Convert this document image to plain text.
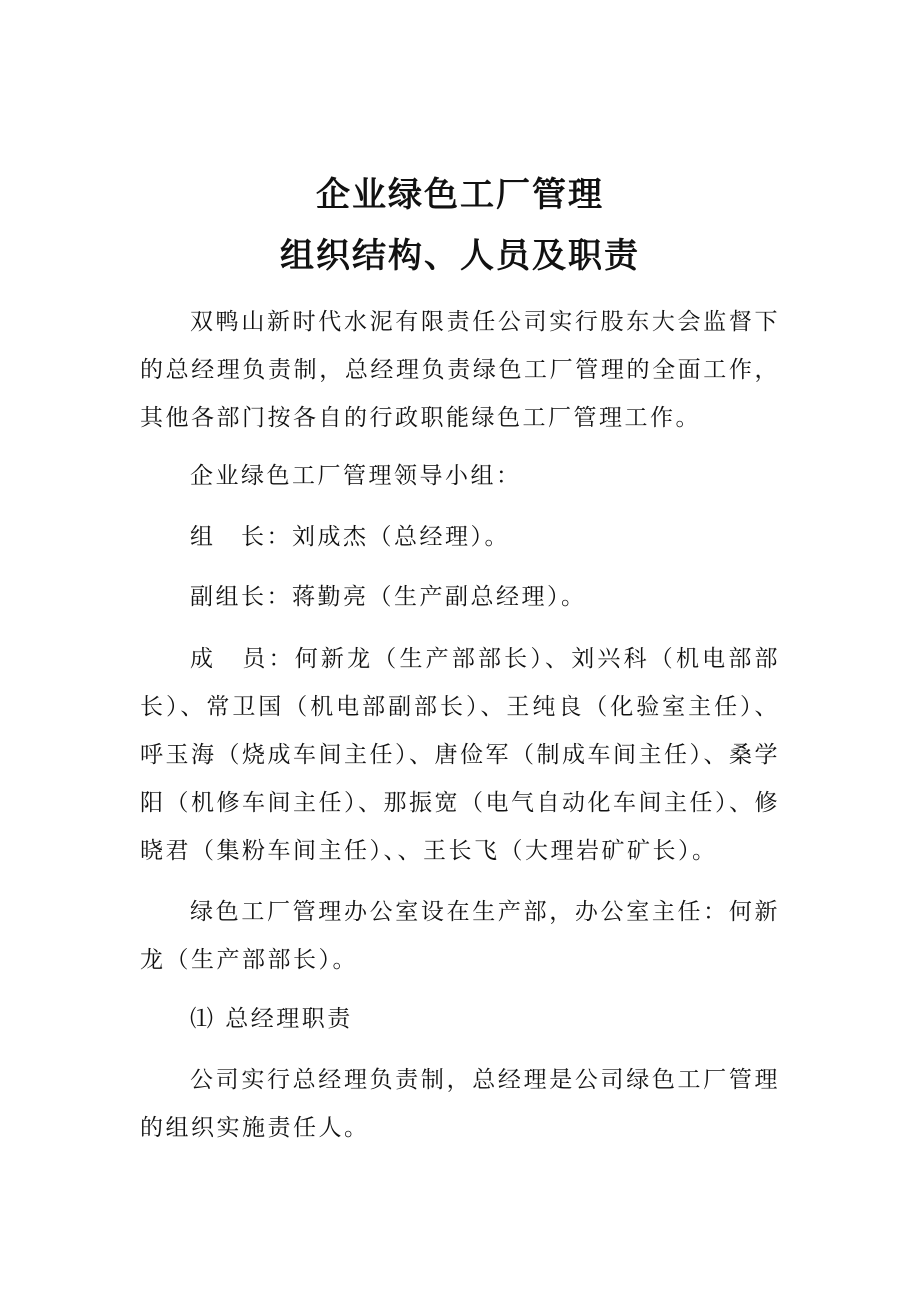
企业绿色工厂管理
组织结构、人员及职责

双鸭山新时代水泥有限责任公司实行股东大会监督下的总经理负责制，总经理负责绿色工厂管理的全面工作，其他各部门按各自的行政职能绿色工厂管理工作。

企业绿色工厂管理领导小组：

组　长：刘成杰（总经理）。

副组长：蒋勤亮（生产副总经理）。

成　员：何新龙（生产部部长）、刘兴科（机电部部长）、常卫国（机电部副部长）、王纯良（化验室主任）、呼玉海（烧成车间主任）、唐俭军（制成车间主任）、桑学阳（机修车间主任）、那振宽（电气自动化车间主任）、修晓君（集粉车间主任）、、王长飞（大理岩矿矿长）。

绿色工厂管理办公室设在生产部，办公室主任：何新龙（生产部部长）。

⑴ 总经理职责

公司实行总经理负责制，总经理是公司绿色工厂管理的组织实施责任人。
